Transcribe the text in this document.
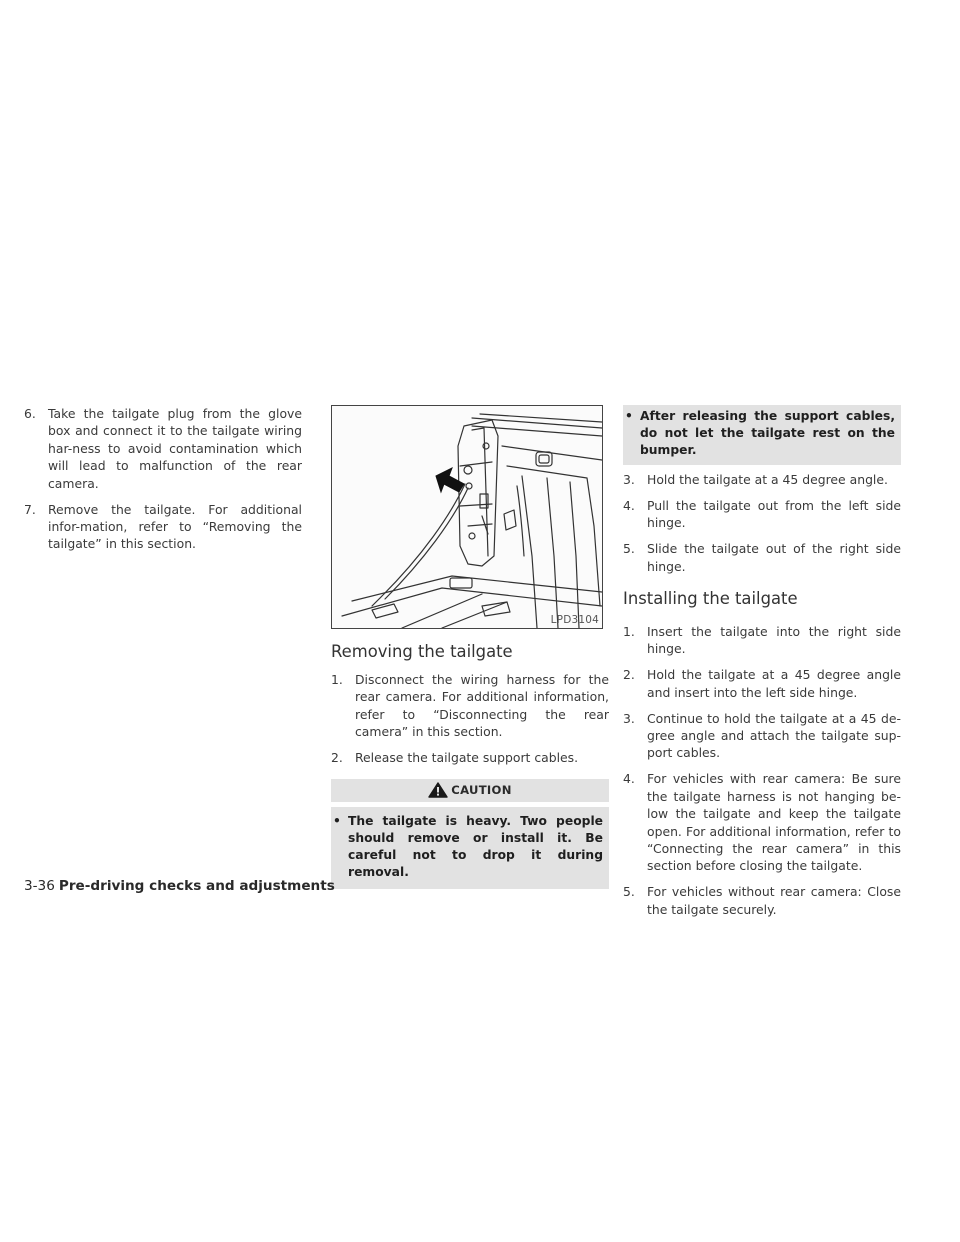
6. Take the tailgate plug from the glove box and connect it to the tailgate wiring har-ness to avoid contamination which will lead to malfunction of the rear camera.
7. Remove the tailgate. For additional infor-mation, refer to “Removing the tailgate” in this section.
LPD3104
Removing the tailgate
1. Disconnect the wiring harness for the rear camera. For additional information, refer to “Disconnecting the rear camera” in this section.
2. Release the tailgate support cables.
CAUTION
• The tailgate is heavy. Two people should remove or install it. Be careful not to drop it during removal.
• After releasing the support cables, do not let the tailgate rest on the bumper.
3. Hold the tailgate at a 45 degree angle.
4. Pull the tailgate out from the left side hinge.
5. Slide the tailgate out of the right side hinge.
Installing the tailgate
1. Insert the tailgate into the right side hinge.
2. Hold the tailgate at a 45 degree angle and insert into the left side hinge.
3. Continue to hold the tailgate at a 45 de-gree angle and attach the tailgate sup-port cables.
4. For vehicles with rear camera: Be sure the tailgate harness is not hanging be-low the tailgate and keep the tailgate open. For additional information, refer to “Connecting the rear camera” in this section before closing the tailgate.
5. For vehicles without rear camera: Close the tailgate securely.
3-36 Pre-driving checks and adjustments
